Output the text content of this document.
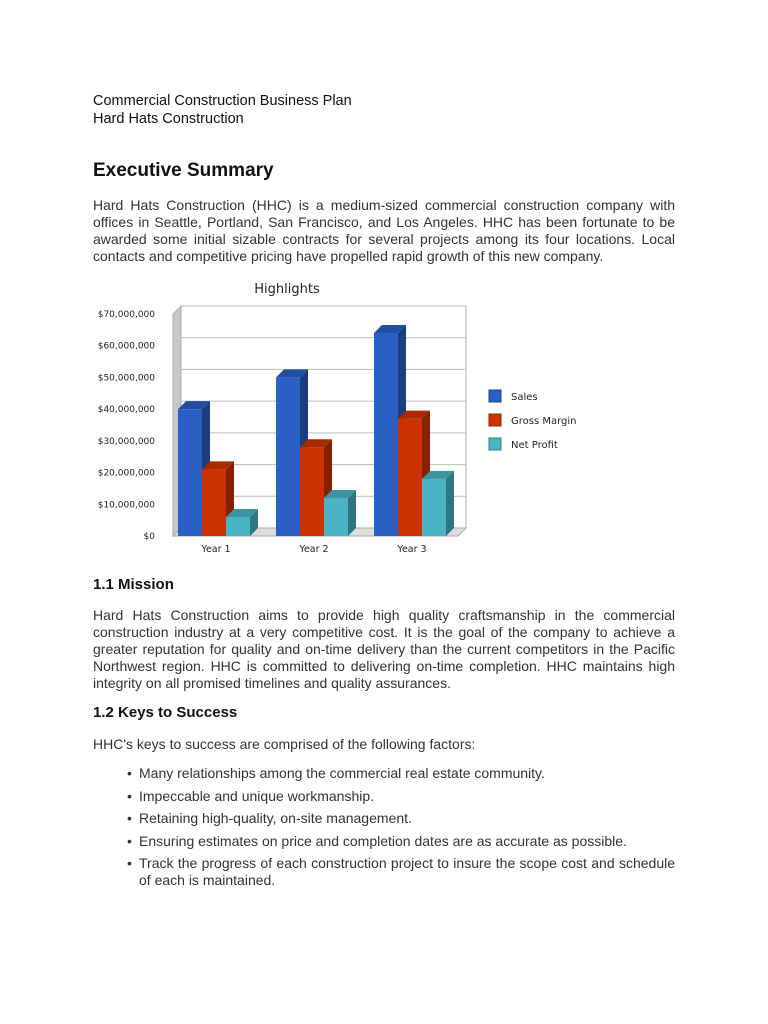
Commercial Construction Business Plan
Hard Hats Construction
Executive Summary

Hard Hats Construction (HHC) is a medium-sized commercial construction company with offices in Seattle, Portland, San Francisco, and Los Angeles. HHC has been fortunate to be awarded some initial sizable contracts for several projects among its four locations. Local contacts and competitive pricing have propelled rapid growth of this new company.

Highlights
$0
$10,000,000
$20,000,000
$30,000,000
$40,000,000
$50,000,000
$60,000,000
$70,000,000
Year 1	Year 2	Year 3
Sales
Gross Margin
Net Profit
1.1 Mission

Hard Hats Construction aims to provide high quality craftsmanship in the commercial construction industry at a very competitive cost. It is the goal of the company to achieve a greater reputation for quality and on-time delivery than the current competitors in the Pacific Northwest region. HHC is committed to delivering on-time completion. HHC maintains high integrity on all promised timelines and quality assurances.

1.2 Keys to Success

HHC's keys to success are comprised of the following factors:

• Many relationships among the commercial real estate community.
• Impeccable and unique workmanship.
• Retaining high-quality, on-site management.
• Ensuring estimates on price and completion dates are as accurate as possible.
• Track the progress of each construction project to insure the scope cost and schedule of each is maintained.
